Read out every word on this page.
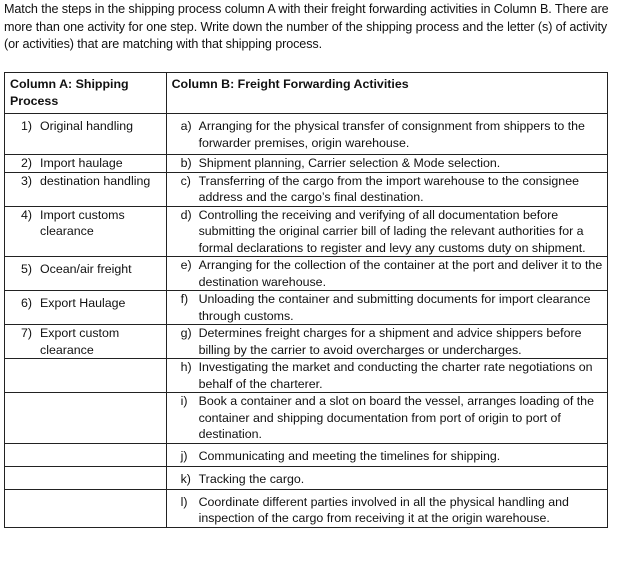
Match the steps in the shipping process column A with their freight forwarding activities in Column B. There are more than one activity for one step. Write down the number of the shipping process and the letter (s) of activity (or activities) that are matching with that shipping process.
Column A: Shipping Process	Column B: Freight Forwarding Activities

1) Original handling	a) Arranging for the physical transfer of consignment from shippers to the forwarder premises, origin warehouse.

2) Import haulage	b) Shipment planning, Carrier selection & Mode selection.

3) destination handling	c) Transferring of the cargo from the import warehouse to the consignee address and the cargo’s final destination.

4) Import customs clearance	d) Controlling the receiving and verifying of all documentation before submitting the original carrier bill of lading the relevant authorities for a formal declarations to register and levy any customs duty on shipment.

5) Ocean/air freight	e) Arranging for the collection of the container at the port and deliver it to the destination warehouse.

6) Export Haulage	f) Unloading the container and submitting documents for import clearance through customs.

7) Export custom clearance	g) Determines freight charges for a shipment and advice shippers before billing by the carrier to avoid overcharges or undercharges.

	h) Investigating the market and conducting the charter rate negotiations on behalf of the charterer.

	i) Book a container and a slot on board the vessel, arranges loading of the container and shipping documentation from port of origin to port of destination.

	j) Communicating and meeting the timelines for shipping.

	k) Tracking the cargo.

	l) Coordinate different parties involved in all the physical handling and inspection of the cargo from receiving it at the origin warehouse.
